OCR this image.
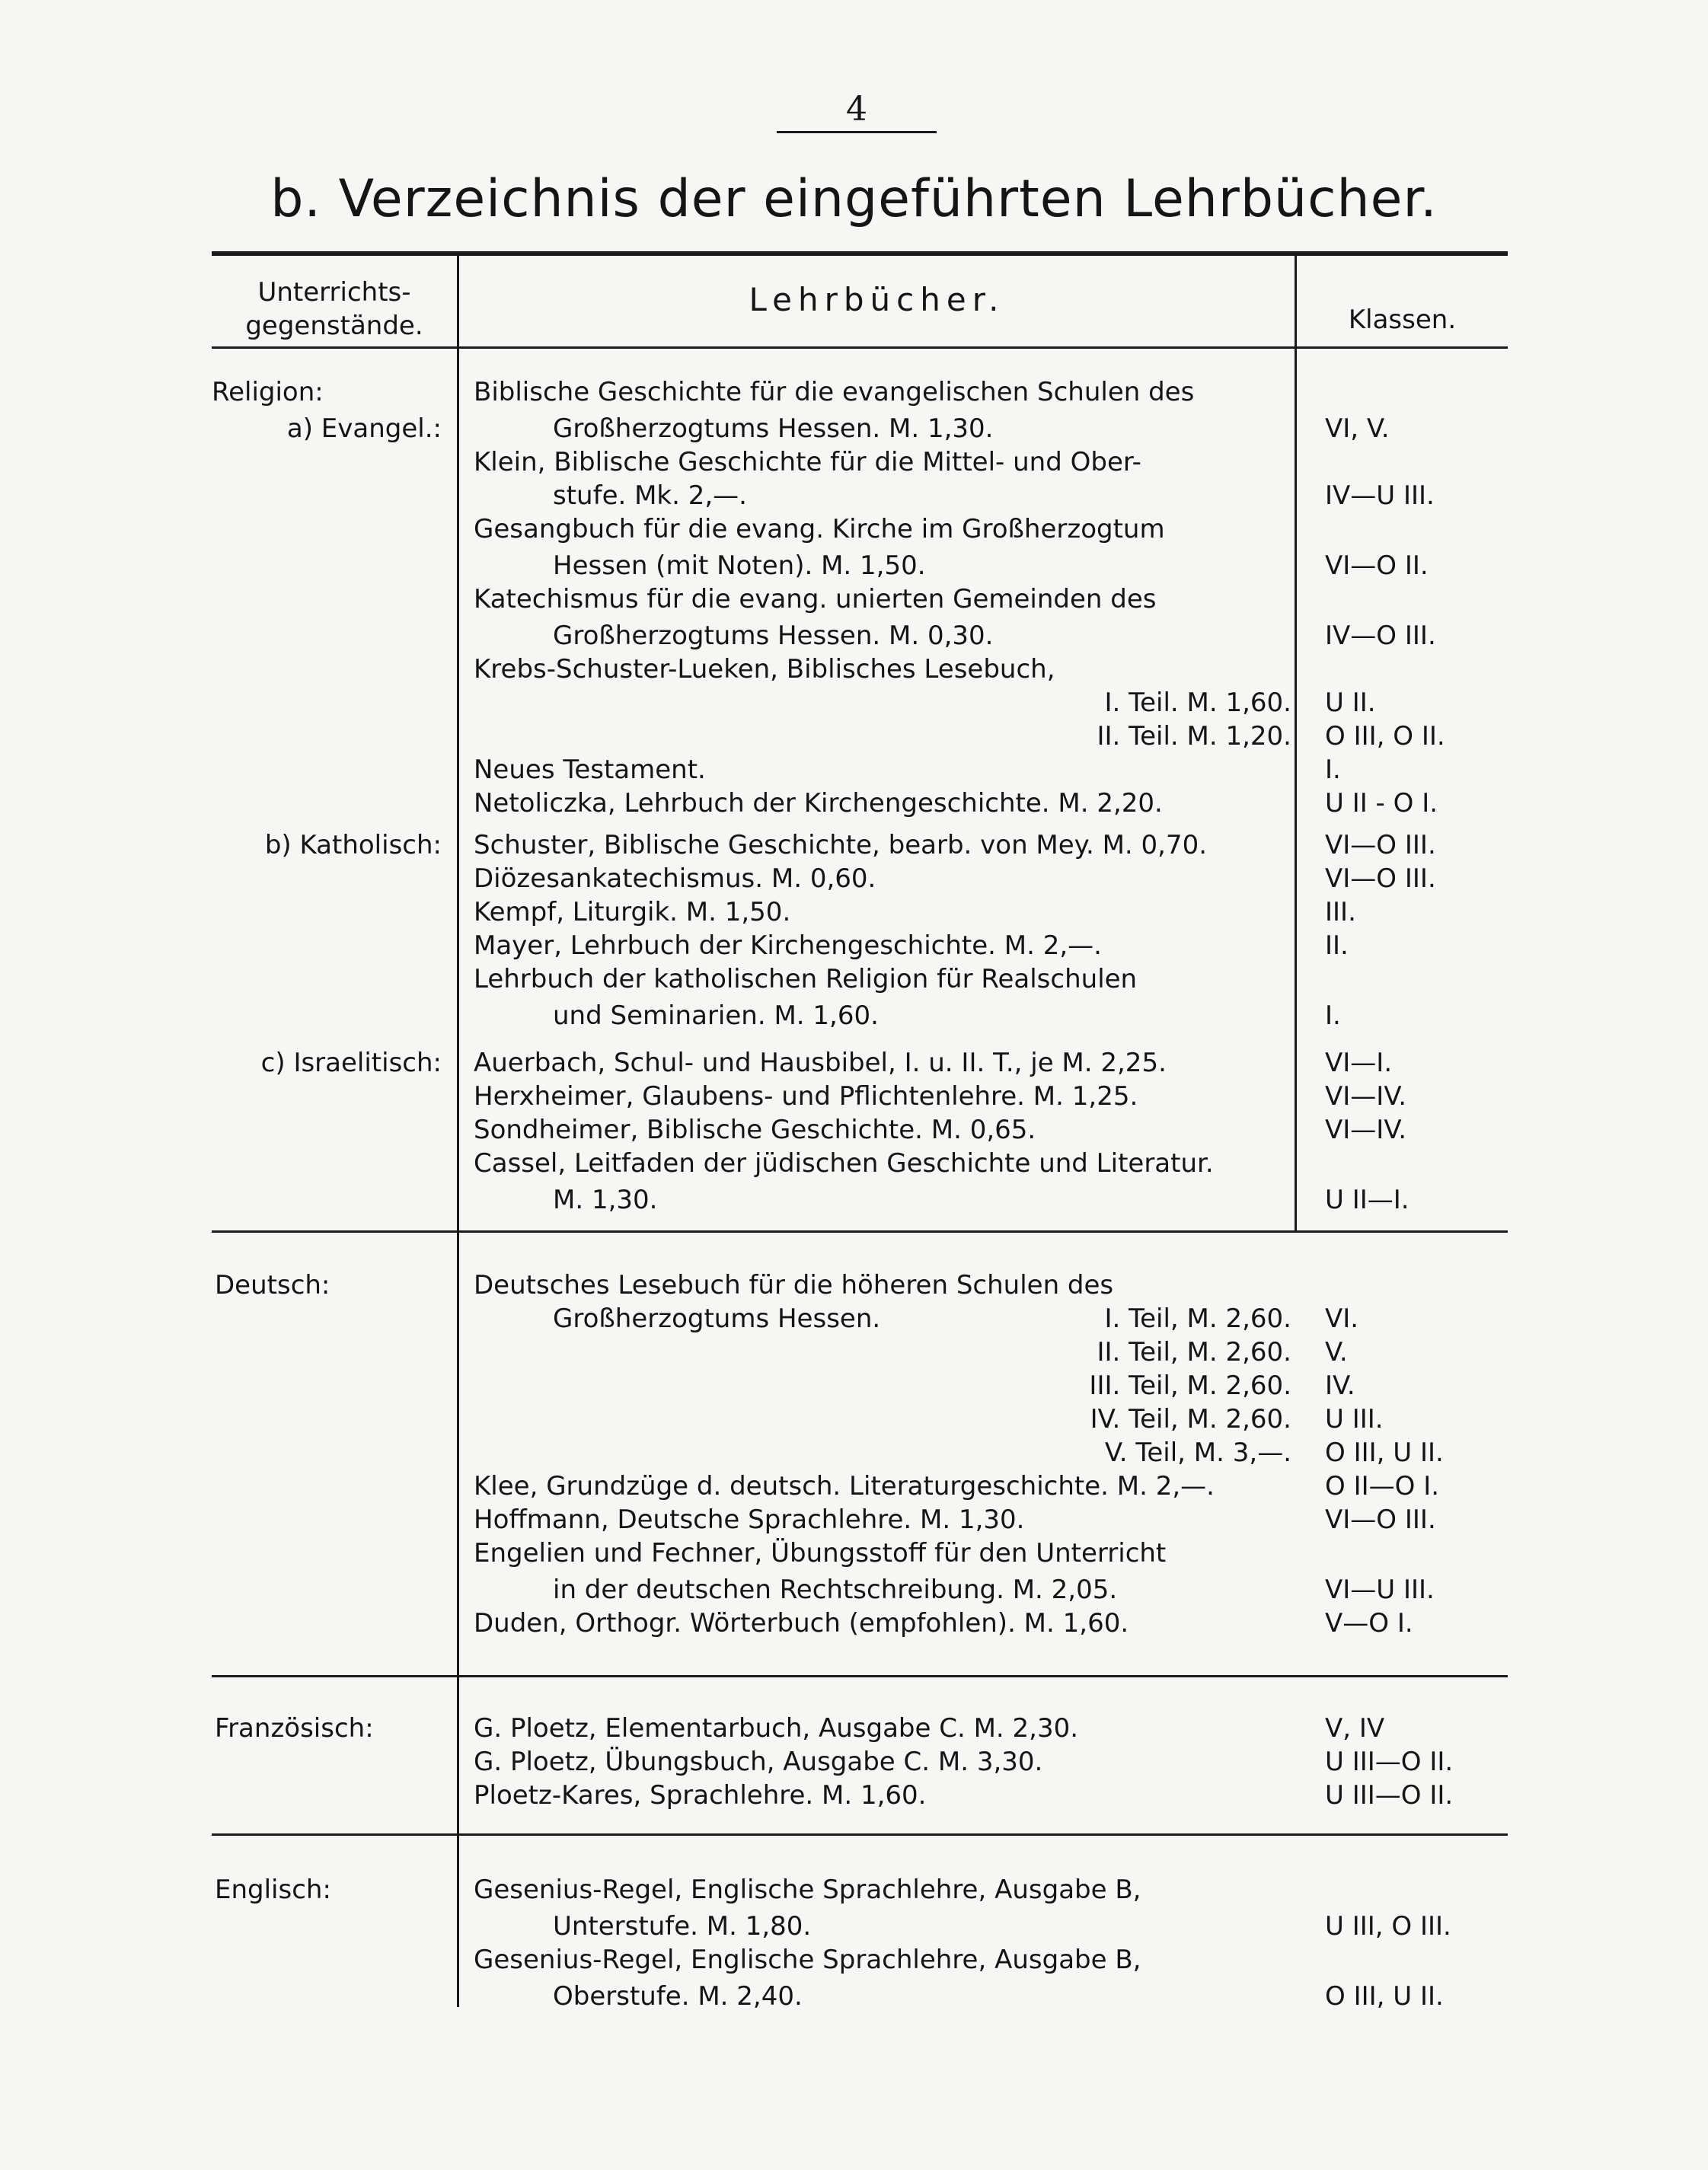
4
b. Verzeichnis der eingeführten Lehrbücher.
Unterrichts-
gegenstände.
Lehrbücher.
Klassen.
Religion:
a) Evangel.:
b) Katholisch:
c) Israelitisch:
Deutsch:
Französisch:
Englisch:
Biblische Geschichte für die evangelischen Schulen des
Großherzogtums Hessen. M. 1,30.
Klein, Biblische Geschichte für die Mittel- und Ober-
stufe. Mk. 2,—.
Gesangbuch für die evang. Kirche im Großherzogtum
Hessen (mit Noten). M. 1,50.
Katechismus für die evang. unierten Gemeinden des
Großherzogtums Hessen. M. 0,30.
Krebs-Schuster-Lueken, Biblisches Lesebuch,
I. Teil. M. 1,60.
II. Teil. M. 1,20.
Neues Testament.
Netoliczka, Lehrbuch der Kirchengeschichte. M. 2,20.
Schuster, Biblische Geschichte, bearb. von Mey. M. 0,70.
Diözesankatechismus. M. 0,60.
Kempf, Liturgik. M. 1,50.
Mayer, Lehrbuch der Kirchengeschichte. M. 2,—.
Lehrbuch der katholischen Religion für Realschulen
und Seminarien. M. 1,60.
Auerbach, Schul- und Hausbibel, I. u. II. T., je M. 2,25.
Herxheimer, Glaubens- und Pflichtenlehre. M. 1,25.
Sondheimer, Biblische Geschichte. M. 0,65.
Cassel, Leitfaden der jüdischen Geschichte und Literatur.
M. 1,30.
Deutsches Lesebuch für die höheren Schulen des
Großherzogtums Hessen.	I. Teil, M. 2,60.
II. Teil, M. 2,60.
III. Teil, M. 2,60.
IV. Teil, M. 2,60.
V. Teil, M. 3,—.
Klee, Grundzüge d. deutsch. Literaturgeschichte. M. 2,—.
Hoffmann, Deutsche Sprachlehre. M. 1,30.
Engelien und Fechner, Übungsstoff für den Unterricht
in der deutschen Rechtschreibung. M. 2,05.
Duden, Orthogr. Wörterbuch (empfohlen). M. 1,60.
G. Ploetz, Elementarbuch, Ausgabe C. M. 2,30.
G. Ploetz, Übungsbuch, Ausgabe C. M. 3,30.
Ploetz-Kares, Sprachlehre. M. 1,60.
Gesenius-Regel, Englische Sprachlehre, Ausgabe B,
Unterstufe. M. 1,80.
Gesenius-Regel, Englische Sprachlehre, Ausgabe B,
Oberstufe. M. 2,40.
VI, V.
IV—U III.
VI—O II.
IV—O III.
U II.
O III, O II.
I.
U II - O I.
VI—O III.
VI—O III.
III.
II.
I.
VI—I.
VI—IV.
VI—IV.
U II—I.
VI.
V.
IV.
U III.
O III, U II.
O II—O I.
VI—O III.
VI—U III.
V—O I.
V, IV
U III—O II.
U III—O II.
U III, O III.
O III, U II.
